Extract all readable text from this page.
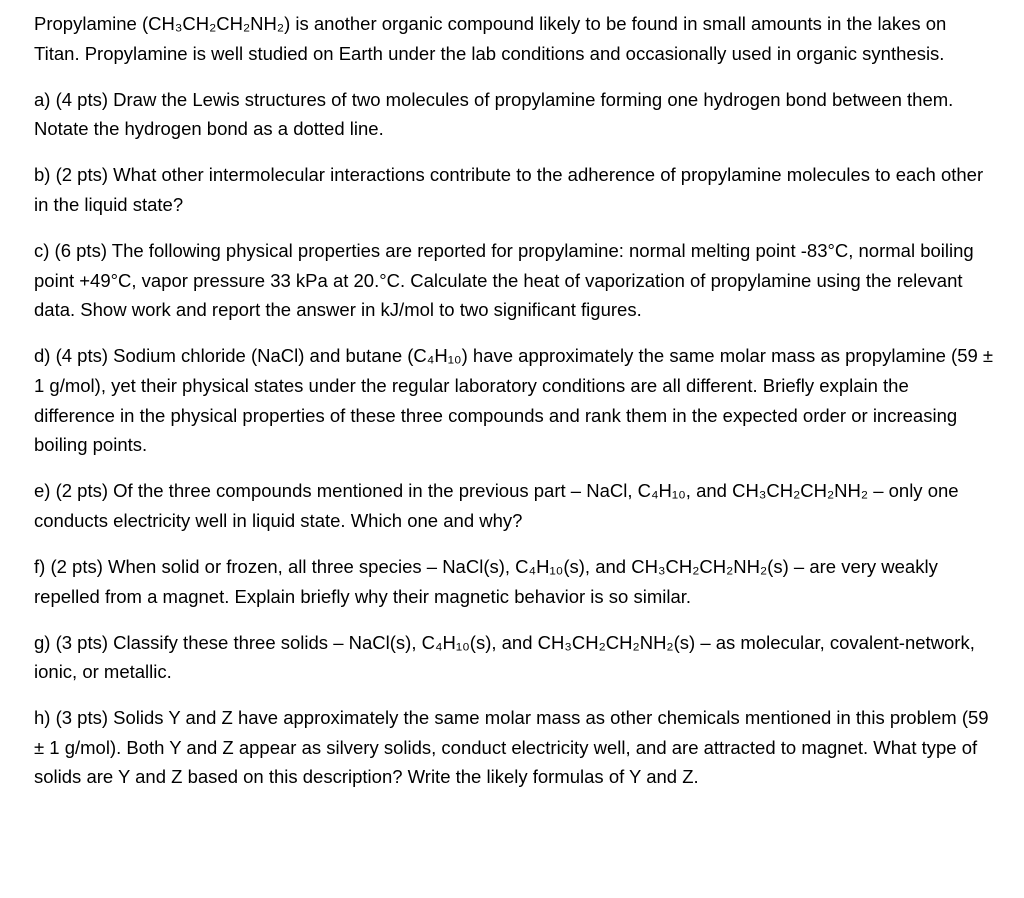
Propylamine (CH₃CH₂CH₂NH₂) is another organic compound likely to be found in small amounts in the lakes on Titan. Propylamine is well studied on Earth under the lab conditions and occasionally used in organic synthesis.

a) (4 pts) Draw the Lewis structures of two molecules of propylamine forming one hydrogen bond between them. Notate the hydrogen bond as a dotted line.

b) (2 pts) What other intermolecular interactions contribute to the adherence of propylamine molecules to each other in the liquid state?

c) (6 pts) The following physical properties are reported for propylamine: normal melting point -83°C, normal boiling point +49°C, vapor pressure 33 kPa at 20.°C. Calculate the heat of vaporization of propylamine using the relevant data. Show work and report the answer in kJ/mol to two significant figures.

d) (4 pts) Sodium chloride (NaCl) and butane (C₄H₁₀) have approximately the same molar mass as propylamine (59 ± 1 g/mol), yet their physical states under the regular laboratory conditions are all different. Briefly explain the difference in the physical properties of these three compounds and rank them in the expected order or increasing boiling points.

e) (2 pts) Of the three compounds mentioned in the previous part – NaCl, C₄H₁₀, and CH₃CH₂CH₂NH₂ – only one conducts electricity well in liquid state. Which one and why?

f) (2 pts) When solid or frozen, all three species – NaCl(s), C₄H₁₀(s), and CH₃CH₂CH₂NH₂(s) – are very weakly repelled from a magnet. Explain briefly why their magnetic behavior is so similar.

g) (3 pts) Classify these three solids – NaCl(s), C₄H₁₀(s), and CH₃CH₂CH₂NH₂(s) – as molecular, covalent-network, ionic, or metallic.

h) (3 pts) Solids Y and Z have approximately the same molar mass as other chemicals mentioned in this problem (59 ± 1 g/mol). Both Y and Z appear as silvery solids, conduct electricity well, and are attracted to magnet. What type of solids are Y and Z based on this description? Write the likely formulas of Y and Z.
